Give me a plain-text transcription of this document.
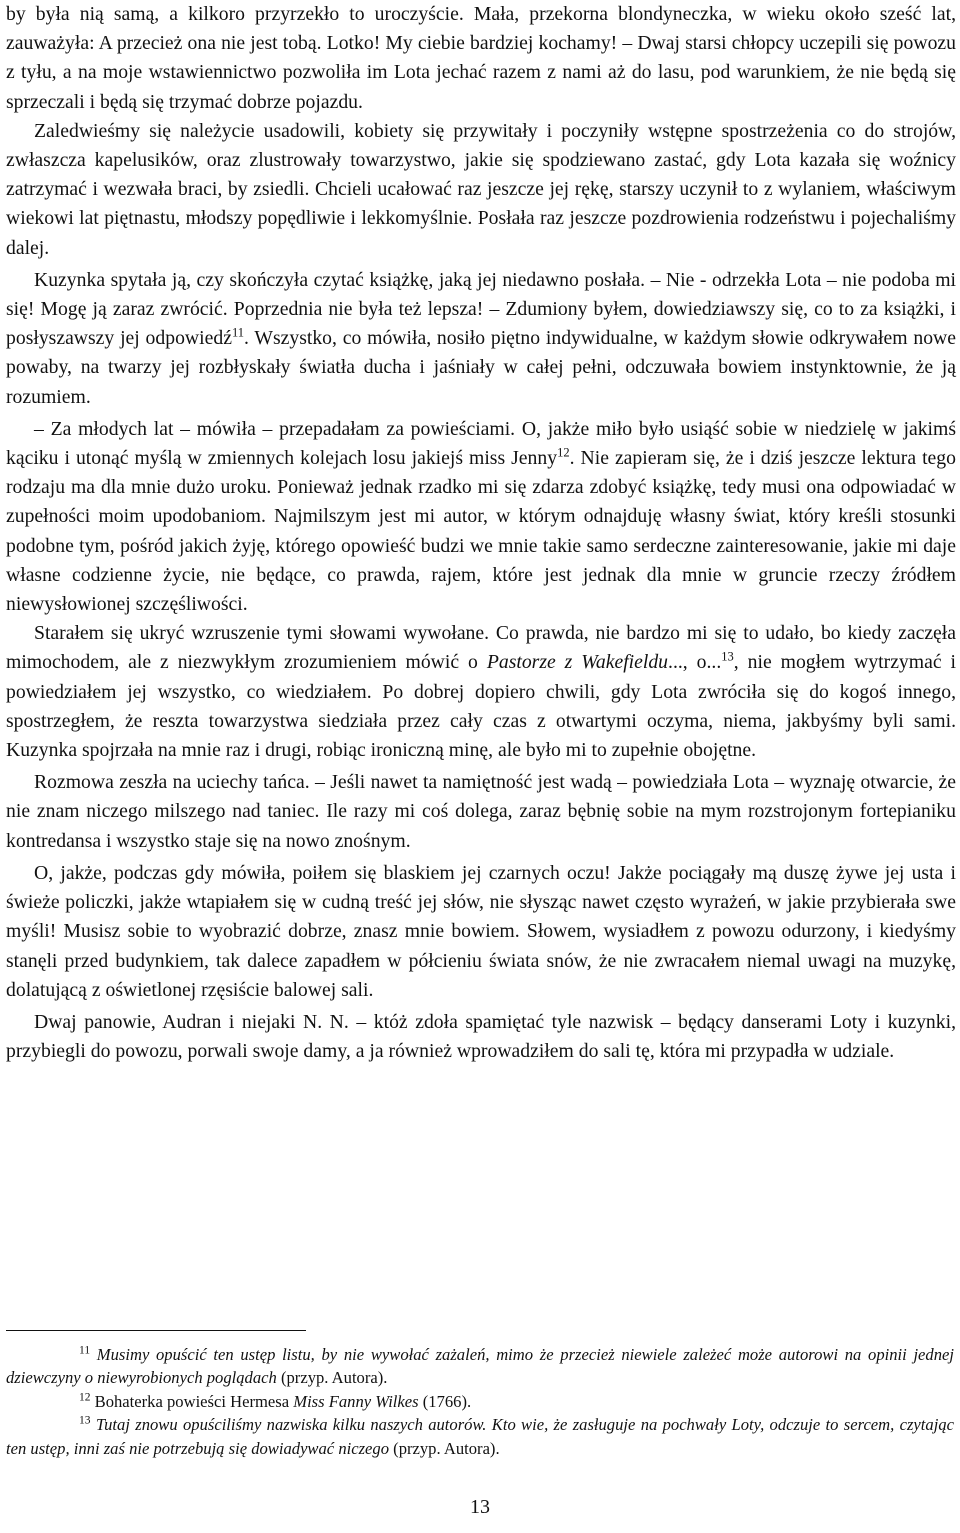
by była nią samą, a kilkoro przyrzekło to uroczyście. Mała, przekorna blondyneczka, w wieku około sześć lat, zauważyła: A przecież ona nie jest tobą. Lotko! My ciebie bardziej kochamy! – Dwaj starsi chłopcy uczepili się powozu z tyłu, a na moje wstawiennictwo pozwoliła im Lota jechać razem z nami aż do lasu, pod warunkiem, że nie będą się sprzeczali i będą się trzymać dobrze pojazdu.

Zaledwieśmy się należycie usadowili, kobiety się przywitały i poczyniły wstępne spostrzeżenia co do strojów, zwłaszcza kapelusików, oraz zlustrowały towarzystwo, jakie się spodziewano zastać, gdy Lota kazała się woźnicy zatrzymać i wezwała braci, by zsiedli. Chcieli ucałować raz jeszcze jej rękę, starszy uczynił to z wylaniem, właściwym wiekowi lat piętnastu, młodszy popędliwie i lekkomyślnie. Posłała raz jeszcze pozdrowienia rodzeństwu i pojechaliśmy dalej.

Kuzynka spytała ją, czy skończyła czytać książkę, jaką jej niedawno posłała. – Nie - odrzekła Lota – nie podoba mi się! Mogę ją zaraz zwrócić. Poprzednia nie była też lepsza! – Zdumiony byłem, dowiedziawszy się, co to za książki, i posłyszawszy jej odpowiedź$^{11}$. Wszystko, co mówiła, nosiło piętno indywidualne, w każdym słowie odkrywałem nowe powaby, na twarzy jej rozbłyskały światła ducha i jaśniały w całej pełni, odczuwała bowiem instynktownie, że ją rozumiem.

– Za młodych lat – mówiła – przepadałam za powieściami. O, jakże miło było usiąść sobie w niedzielę w jakimś kąciku i utonąć myślą w zmiennych kolejach losu jakiejś miss Jenny$^{12}$. Nie zapieram się, że i dziś jeszcze lektura tego rodzaju ma dla mnie dużo uroku. Ponieważ jednak rzadko mi się zdarza zdobyć książkę, tedy musi ona odpowiadać w zupełności moim upodobaniom. Najmilszym jest mi autor, w którym odnajduję własny świat, który kreśli stosunki podobne tym, pośród jakich żyję, którego opowieść budzi we mnie takie samo serdeczne zainteresowanie, jakie mi daje własne codzienne życie, nie będące, co prawda, rajem, które jest jednak dla mnie w gruncie rzeczy źródłem niewysłowionej szczęśliwości.

Starałem się ukryć wzruszenie tymi słowami wywołane. Co prawda, nie bardzo mi się to udało, bo kiedy zaczęła mimochodem, ale z niezwykłym zrozumieniem mówić o Pastorze z Wakefieldu..., o...$^{13}$, nie mogłem wytrzymać i powiedziałem jej wszystko, co wiedziałem. Po dobrej dopiero chwili, gdy Lota zwróciła się do kogoś innego, spostrzegłem, że reszta towarzystwa siedziała przez cały czas z otwartymi oczyma, niema, jakbyśmy byli sami. Kuzynka spojrzała na mnie raz i drugi, robiąc ironiczną minę, ale było mi to zupełnie obojętne.

Rozmowa zeszła na uciechy tańca. – Jeśli nawet ta namiętność jest wadą – powiedziała Lota – wyznaję otwarcie, że nie znam niczego milszego nad taniec. Ile razy mi coś dolega, zaraz bębnię sobie na mym rozstrojonym fortepianiku kontredansa i wszystko staje się na nowo znośnym.

O, jakże, podczas gdy mówiła, poiłem się blaskiem jej czarnych oczu! Jakże pociągały mą duszę żywe jej usta i świeże policzki, jakże wtapiałem się w cudną treść jej słów, nie słysząc nawet często wyrażeń, w jakie przybierała swe myśli! Musisz sobie to wyobrazić dobrze, znasz mnie bowiem. Słowem, wysiadłem z powozu odurzony, i kiedyśmy stanęli przed budynkiem, tak dalece zapadłem w półcieniu świata snów, że nie zwracałem niemal uwagi na muzykę, dolatującą z oświetlonej rzęsiście balowej sali.

Dwaj panowie, Audran i niejaki N. N. – któż zdoła spamiętać tyle nazwisk – będący danserami Loty i kuzynki, przybiegli do powozu, porwali swoje damy, a ja również wprowadziłem do sali tę, która mi przypadła w udziale.

$^{11}$ Musimy opuścić ten ustęp listu, by nie wywołać zażaleń, mimo że przecież niewiele zależeć może autorowi na opinii jednej dziewczyny o niewyrobionych poglądach (przyp. Autora).

$^{12}$ Bohaterka powieści Hermesa Miss Fanny Wilkes (1766).

$^{13}$ Tutaj znowu opuściliśmy nazwiska kilku naszych autorów. Kto wie, że zasługuje na pochwały Loty, odczuje to sercem, czytając ten ustęp, inni zaś nie potrzebują się dowiadywać niczego (przyp. Autora).

13
